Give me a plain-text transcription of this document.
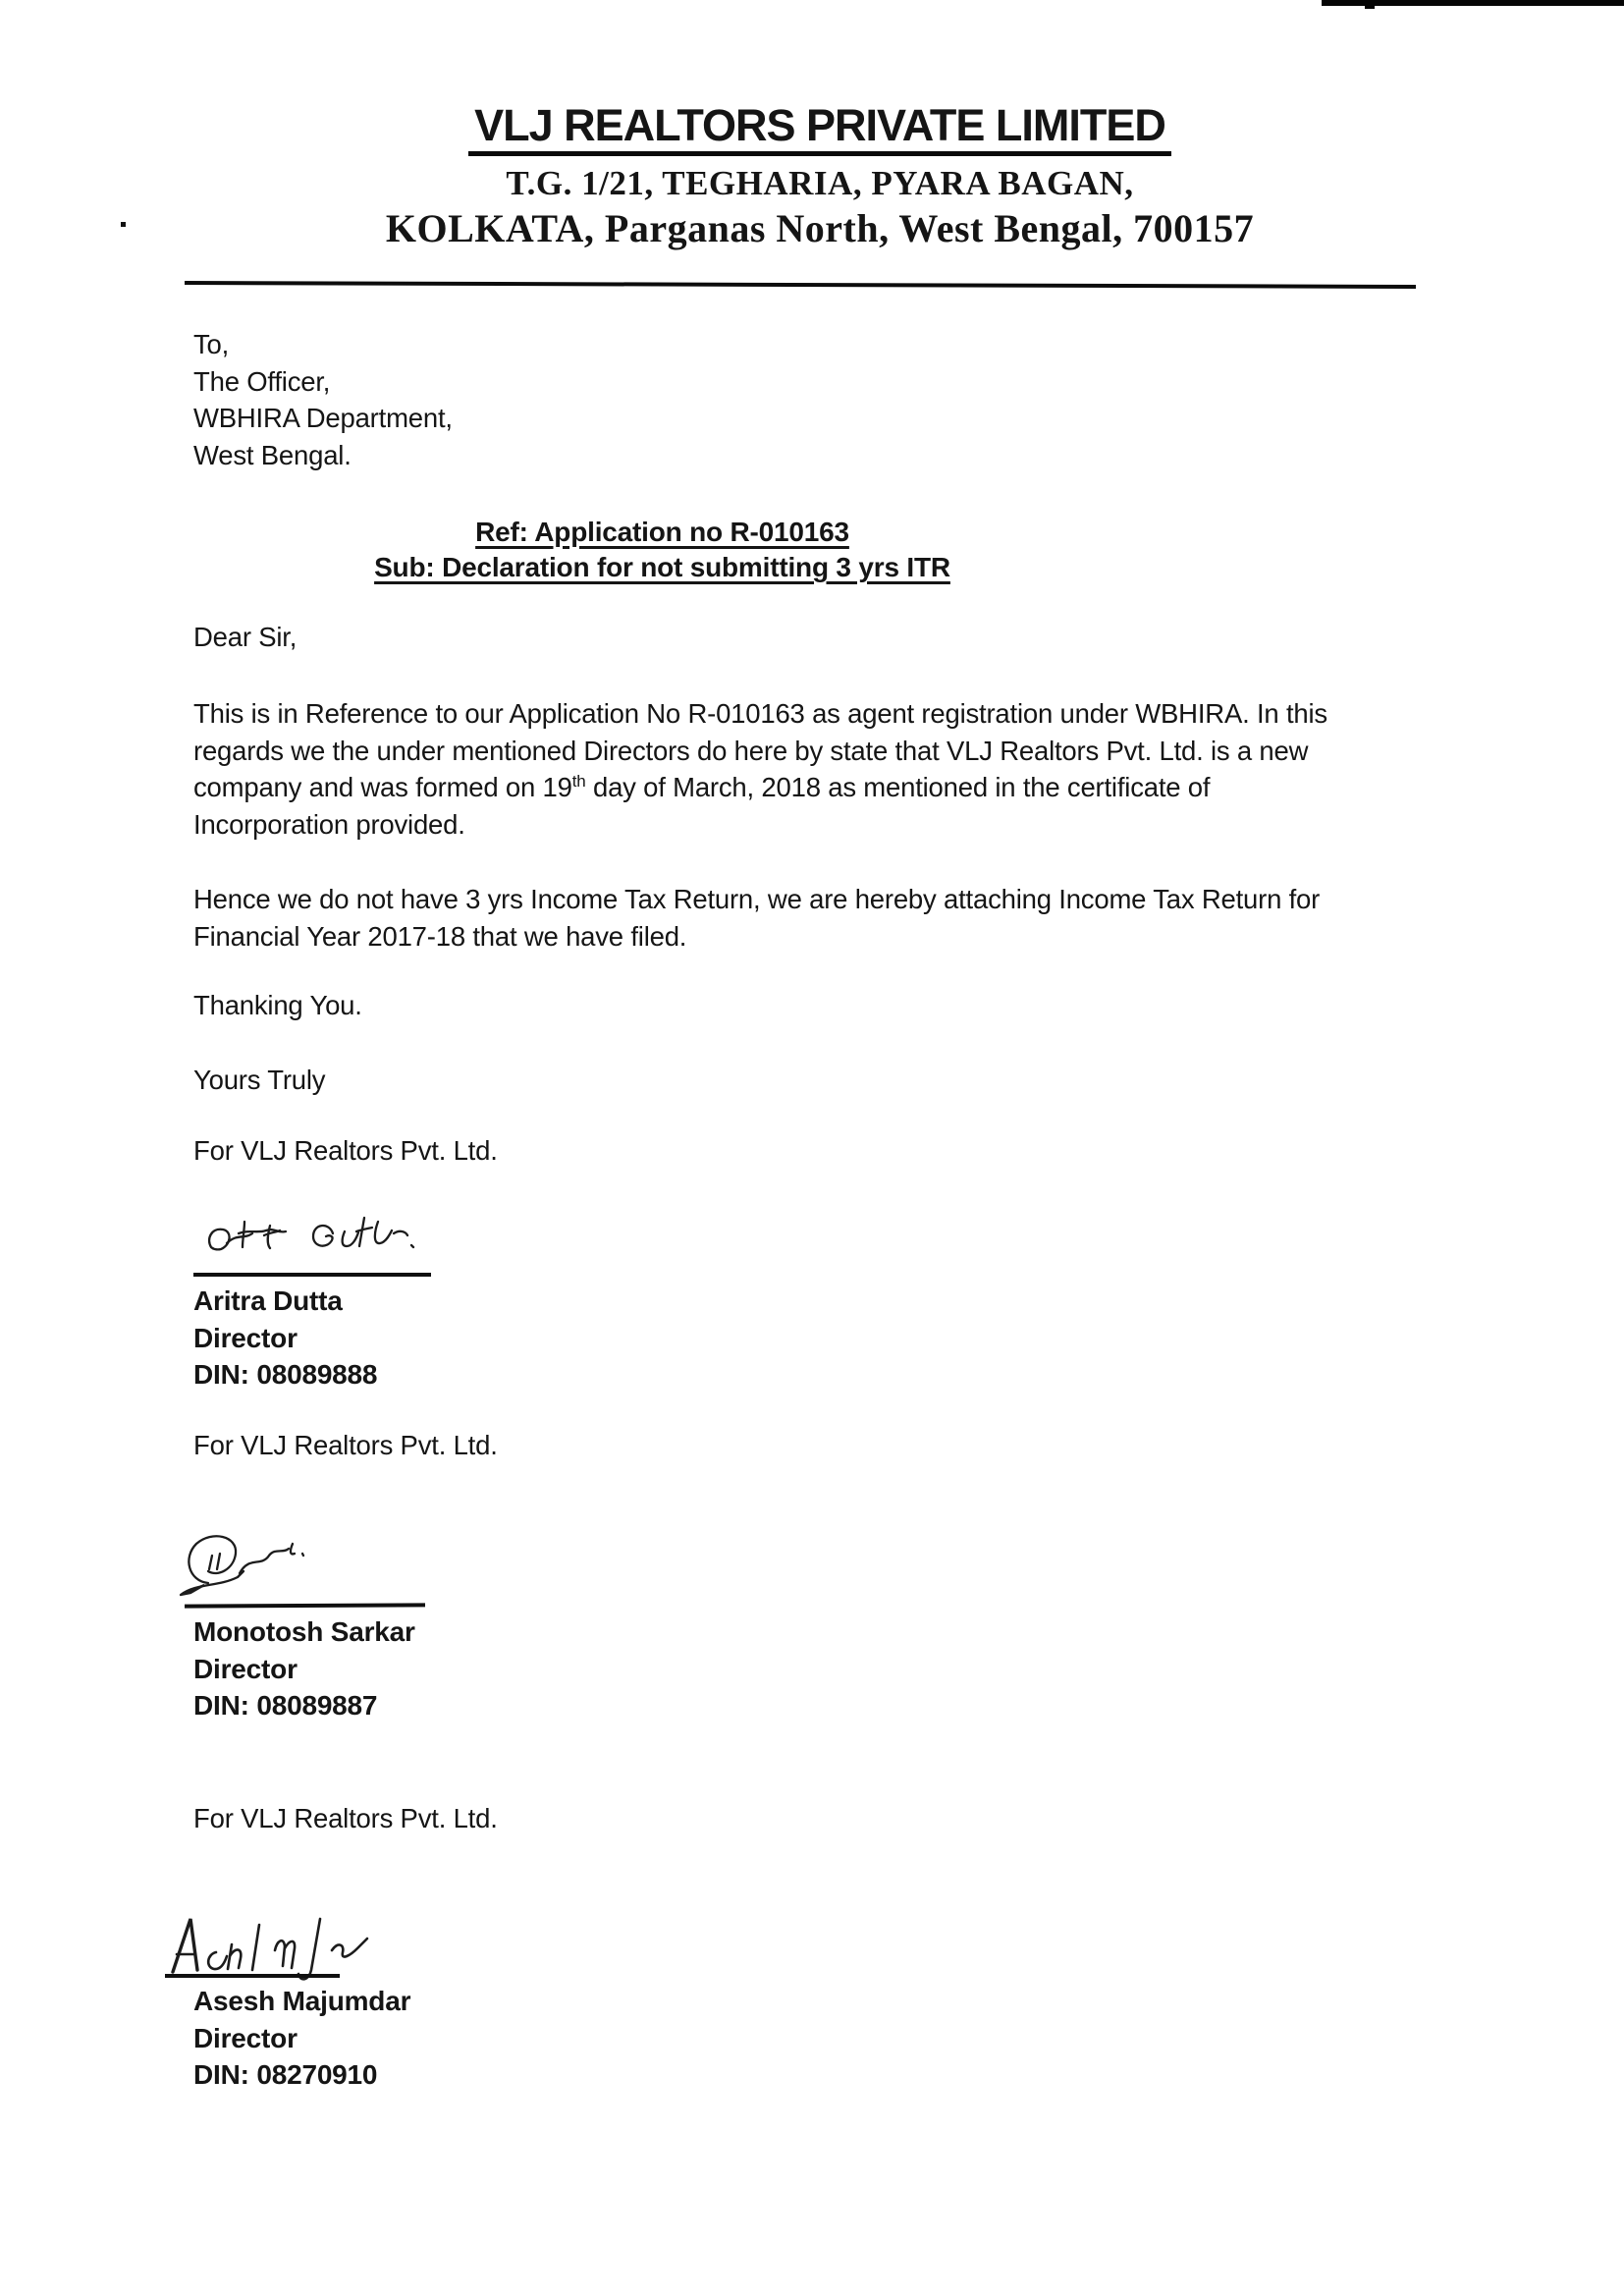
VLJ REALTORS PRIVATE LIMITED
T.G. 1/21, TEGHARIA, PYARA BAGAN,
KOLKATA, Parganas North, West Bengal, 700157
To,
The Officer,
WBHIRA Department,
West Bengal.
Ref: Application no R-010163
Sub: Declaration for not submitting 3 yrs ITR
Dear Sir,
This is in Reference to our Application No R-010163 as agent registration under WBHIRA. In this
regards we the under mentioned Directors do here by state that VLJ Realtors Pvt. Ltd. is a new
company and was formed on 19th day of March, 2018 as mentioned in the certificate of
Incorporation provided.
Hence we do not have 3 yrs Income Tax Return, we are hereby attaching Income Tax Return for
Financial Year 2017-18 that we have filed.
Thanking You.
Yours Truly
For VLJ Realtors Pvt. Ltd.
Aritra Dutta
Director
DIN: 08089888
For VLJ Realtors Pvt. Ltd.
Monotosh Sarkar
Director
DIN: 08089887
For VLJ Realtors Pvt. Ltd.
Asesh Majumdar
Director
DIN: 08270910
